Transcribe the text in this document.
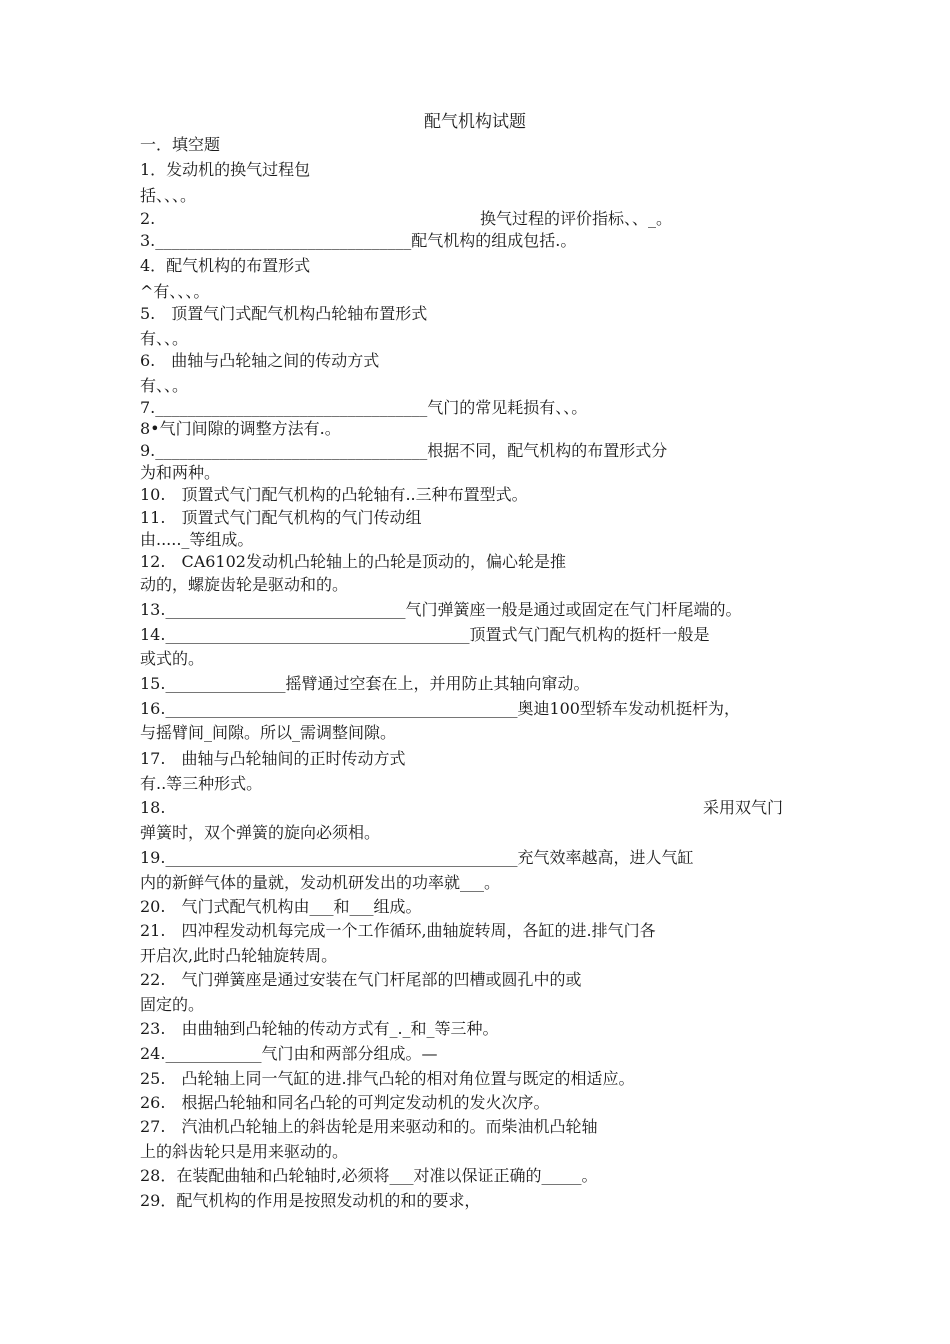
配气机构试题
一．填空题
1．发动机的换气过程包
括、、、。
2.	换气过程的评价指标、、_。
3.________________________________配气机构的组成包括.。
4．配气机构的布置形式
^有、、、。
5.　顶置气门式配气机构凸轮轴布置形式
有、、。
6.　曲轴与凸轮轴之间的传动方式
有、、。
7.__________________________________气门的常见耗损有、、。
8•气门间隙的调整方法有.。
9.__________________________________根据不同，配气机构的布置形式分
为和两种。
10.　顶置式气门配气机构的凸轮轴有..三种布置型式。
11.　顶置式气门配气机构的气门传动组
由....._等组成。
12.　CA6102发动机凸轮轴上的凸轮是顶动的，偏心轮是推
动的，螺旋齿轮是驱动和的。
13.______________________________气门弹簧座一般是通过或固定在气门杆尾端的。
14.______________________________________顶置式气门配气机构的挺杆一般是
或式的。
15._______________摇臂通过空套在上，并用防止其轴向窜动。
16.____________________________________________奥迪100型轿车发动机挺杆为，
与摇臂间_间隙。所以_需调整间隙。
17.　曲轴与凸轮轴间的正时传动方式
有..等三种形式。
18.	采用双气门
弹簧时，双个弹簧的旋向必须相。
19.____________________________________________充气效率越高，进人气缸
内的新鲜气体的量就，发动机研发出的功率就___。
20.　气门式配气机构由___和___组成。
21.　四冲程发动机每完成一个工作循环,曲轴旋转周，各缸的进.排气门各
开启次,此时凸轮轴旋转周。
22.　气门弹簧座是通过安装在气门杆尾部的凹槽或圆孔中的或
固定的。
23.　由曲轴到凸轮轴的传动方式有_._和_等三种。
24.____________气门由和两部分组成。—
25.　凸轮轴上同一气缸的进.排气凸轮的相对角位置与既定的相适应。
26.　根据凸轮轴和同名凸轮的可判定发动机的发火次序。
27.　汽油机凸轮轴上的斜齿轮是用来驱动和的。而柴油机凸轮轴
上的斜齿轮只是用来驱动的。
28．在装配曲轴和凸轮轴时,必须将___对准以保证正确的_____。
29．配气机构的作用是按照发动机的和的要求，
